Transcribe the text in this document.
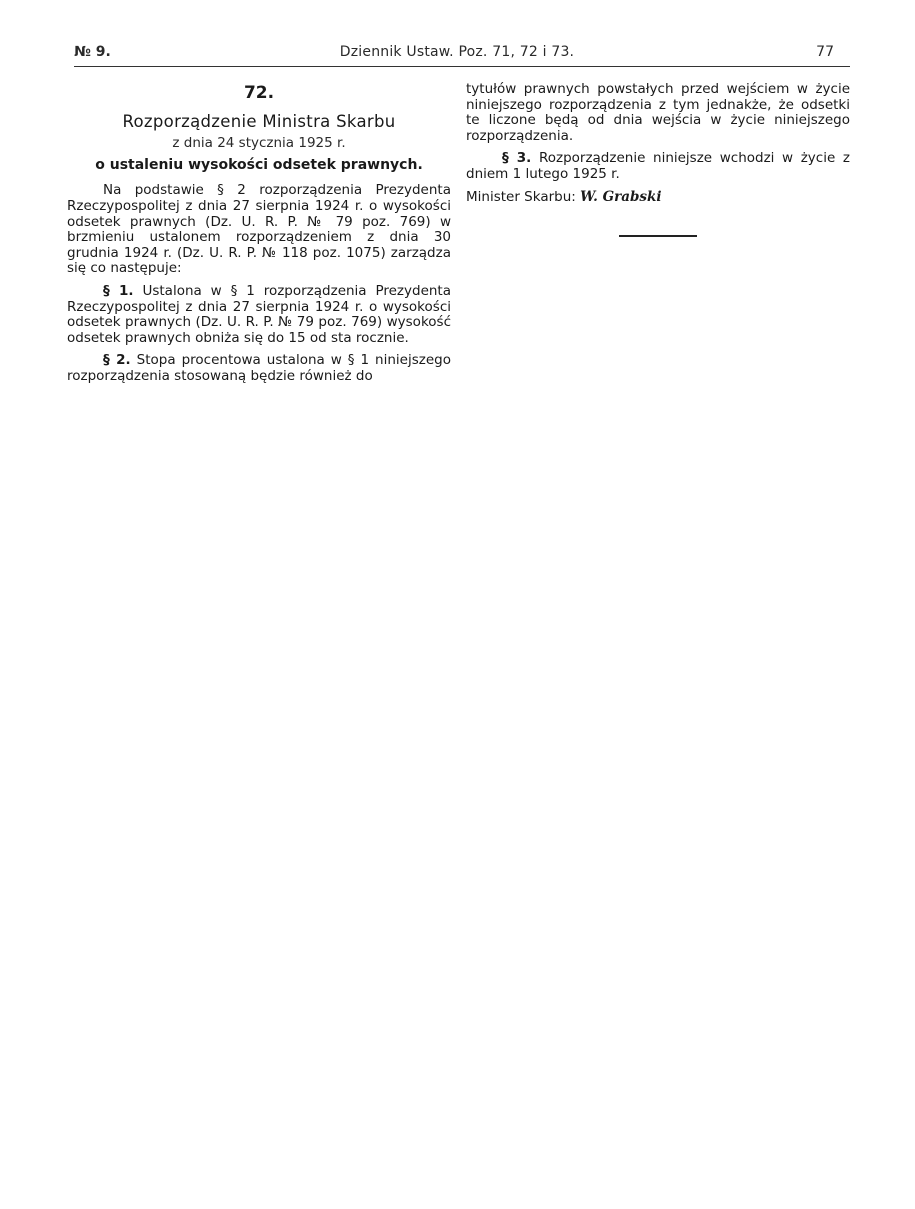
№ 9.	Dziennik Ustaw. Poz. 71, 72 i 73.	77
72.
Rozporządzenie Ministra Skarbu
z dnia 24 stycznia 1925 r.
o ustaleniu wysokości odsetek prawnych.

Na podstawie § 2 rozporządzenia Prezydenta Rzeczypospolitej z dnia 27 sierpnia 1924 r. o wysokości odsetek prawnych (Dz. U. R. P. № 79 poz. 769) w brzmieniu ustalonem rozporządzeniem z dnia 30 grudnia 1924 r. (Dz. U. R. P. № 118 poz. 1075) zarządza się co następuje:

§ 1. Ustalona w § 1 rozporządzenia Prezydenta Rzeczypospolitej z dnia 27 sierpnia 1924 r. o wysokości odsetek prawnych (Dz. U. R. P. № 79 poz. 769) wysokość odsetek prawnych obniża się do 15 od sta rocznie.

§ 2. Stopa procentowa ustalona w § 1 niniejszego rozporządzenia stosowaną będzie również do

tytułów prawnych powstałych przed wejściem w życie niniejszego rozporządzenia z tym jednakże, że odsetki te liczone będą od dnia wejścia w życie niniejszego rozporządzenia.

§ 3. Rozporządzenie niniejsze wchodzi w życie z dniem 1 lutego 1925 r.

Minister Skarbu: W. Grabski
